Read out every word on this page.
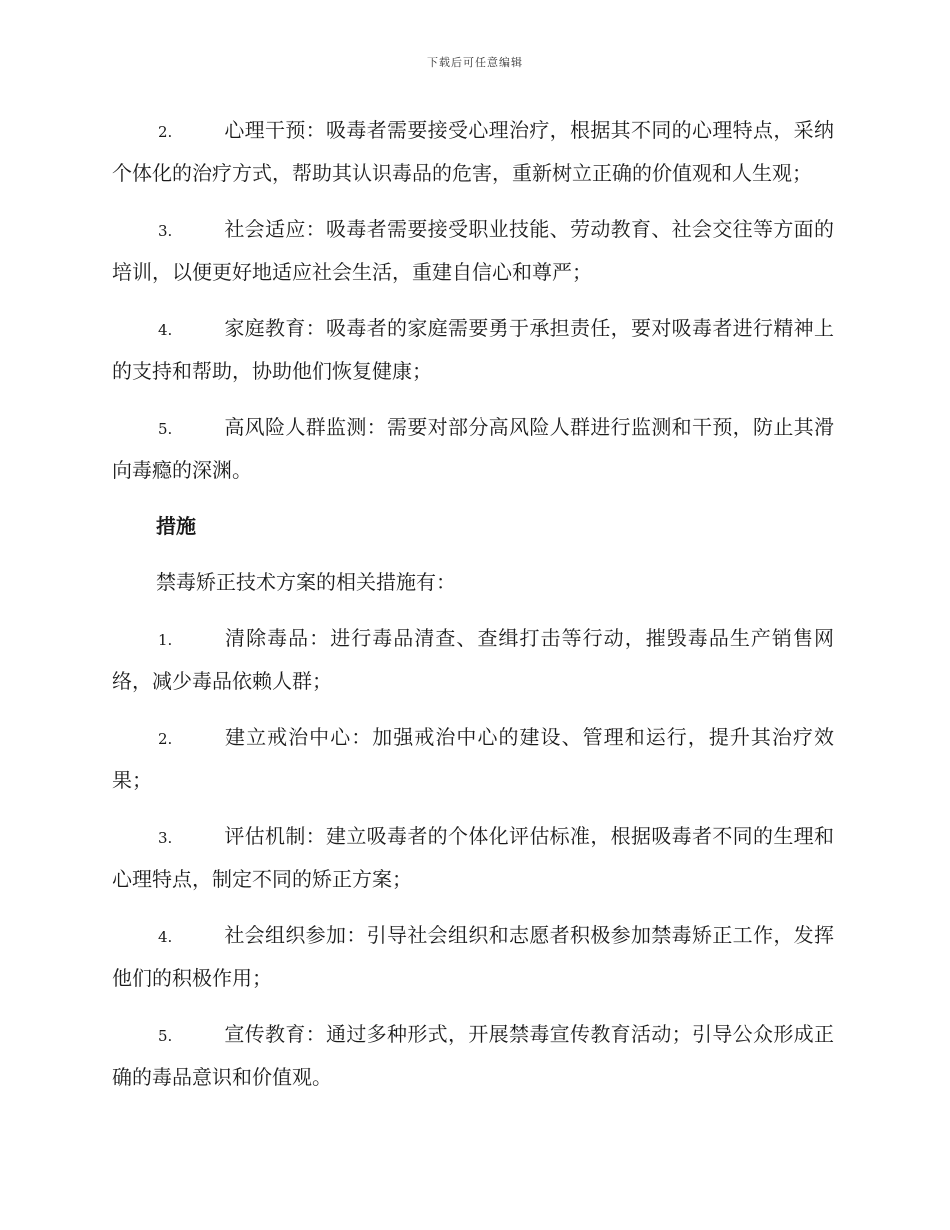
下载后可任意编辑
2.	心理干预：吸毒者需要接受心理治疗，根据其不同的心理特点，采纳个体化的治疗方式，帮助其认识毒品的危害，重新树立正确的价值观和人生观；
3.	社会适应：吸毒者需要接受职业技能、劳动教育、社会交往等方面的培训，以便更好地适应社会生活，重建自信心和尊严；
4.	家庭教育：吸毒者的家庭需要勇于承担责任，要对吸毒者进行精神上的支持和帮助，协助他们恢复健康；
5.	高风险人群监测：需要对部分高风险人群进行监测和干预，防止其滑向毒瘾的深渊。
措施
禁毒矫正技术方案的相关措施有：
1.	清除毒品：进行毒品清查、查缉打击等行动，摧毁毒品生产销售网络，减少毒品依赖人群；
2.	建立戒治中心：加强戒治中心的建设、管理和运行，提升其治疗效果；
3.	评估机制：建立吸毒者的个体化评估标准，根据吸毒者不同的生理和心理特点，制定不同的矫正方案；
4.	社会组织参加：引导社会组织和志愿者积极参加禁毒矫正工作，发挥他们的积极作用；
5.	宣传教育：通过多种形式，开展禁毒宣传教育活动；引导公众形成正确的毒品意识和价值观。
